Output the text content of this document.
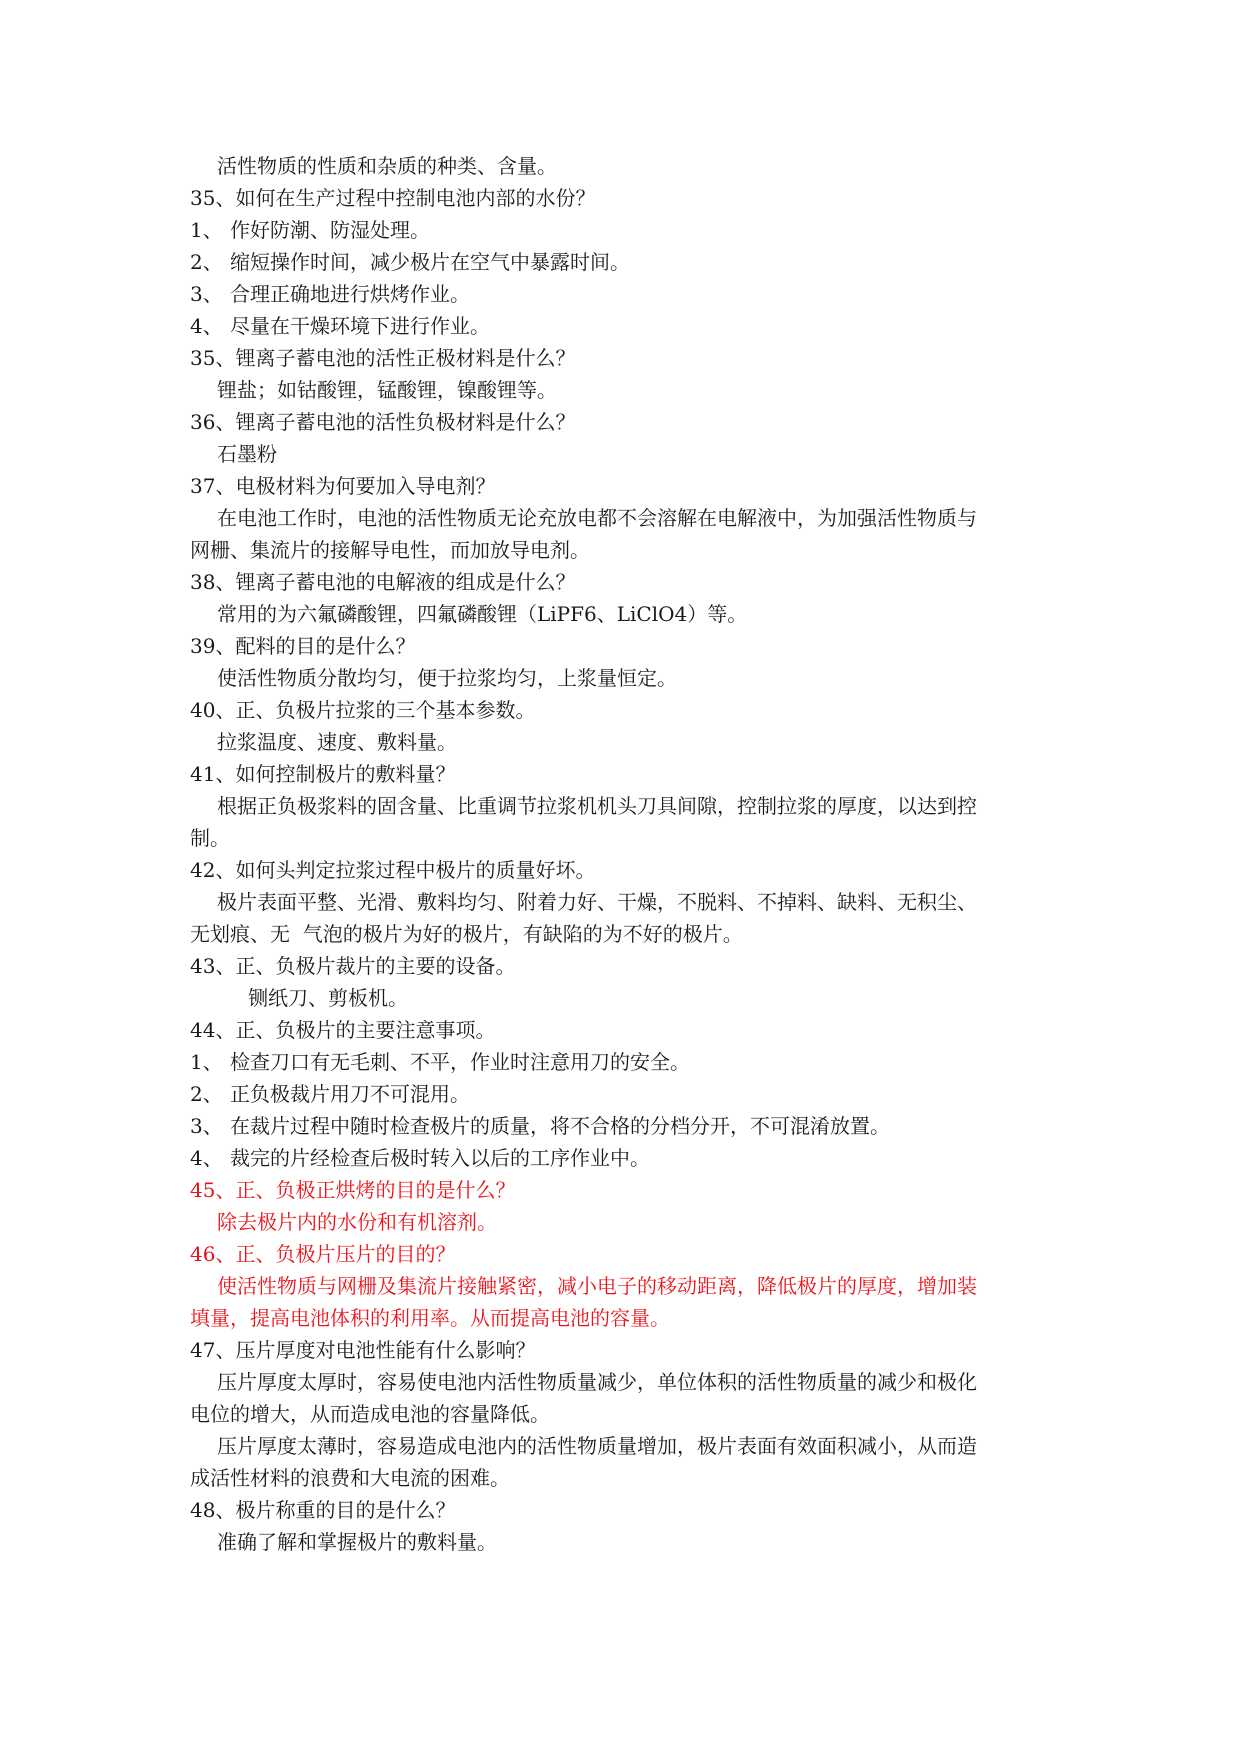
活性物质的性质和杂质的种类、含量。
35、如何在生产过程中控制电池内部的水份？
1、 作好防潮、防湿处理。
2、 缩短操作时间，减少极片在空气中暴露时间。
3、 合理正确地进行烘烤作业。
4、 尽量在干燥环境下进行作业。
35、锂离子蓄电池的活性正极材料是什么？
锂盐；如钴酸锂，锰酸锂，镍酸锂等。
36、锂离子蓄电池的活性负极材料是什么？
石墨粉
37、电极材料为何要加入导电剂？
在电池工作时，电池的活性物质无论充放电都不会溶解在电解液中，为加强活性物质与
网栅、集流片的接解导电性，而加放导电剂。
38、锂离子蓄电池的电解液的组成是什么？
常用的为六氟磷酸锂，四氟磷酸锂（LiPF6、LiClO4）等。
39、配料的目的是什么？
使活性物质分散均匀，便于拉浆均匀，上浆量恒定。
40、正、负极片拉浆的三个基本参数。
拉浆温度、速度、敷料量。
41、如何控制极片的敷料量？
根据正负极浆料的固含量、比重调节拉浆机机头刀具间隙，控制拉浆的厚度，以达到控
制。
42、如何头判定拉浆过程中极片的质量好坏。
极片表面平整、光滑、敷料均匀、附着力好、干燥，不脱料、不掉料、缺料、无积尘、
无划痕、无  气泡的极片为好的极片，有缺陷的为不好的极片。
43、正、负极片裁片的主要的设备。
铡纸刀、剪板机。
44、正、负极片的主要注意事项。
1、 检查刀口有无毛刺、不平，作业时注意用刀的安全。
2、 正负极裁片用刀不可混用。
3、 在裁片过程中随时检查极片的质量，将不合格的分档分开，不可混淆放置。
4、 裁完的片经检查后极时转入以后的工序作业中。
45、正、负极正烘烤的目的是什么？
除去极片内的水份和有机溶剂。
46、正、负极片压片的目的？
使活性物质与网栅及集流片接触紧密，减小电子的移动距离，降低极片的厚度，增加装
填量，提高电池体积的利用率。从而提高电池的容量。
47、压片厚度对电池性能有什么影响？
压片厚度太厚时，容易使电池内活性物质量减少，单位体积的活性物质量的减少和极化
电位的增大，从而造成电池的容量降低。
压片厚度太薄时，容易造成电池内的活性物质量增加，极片表面有效面积减小，从而造
成活性材料的浪费和大电流的困难。
48、极片称重的目的是什么？
准确了解和掌握极片的敷料量。
